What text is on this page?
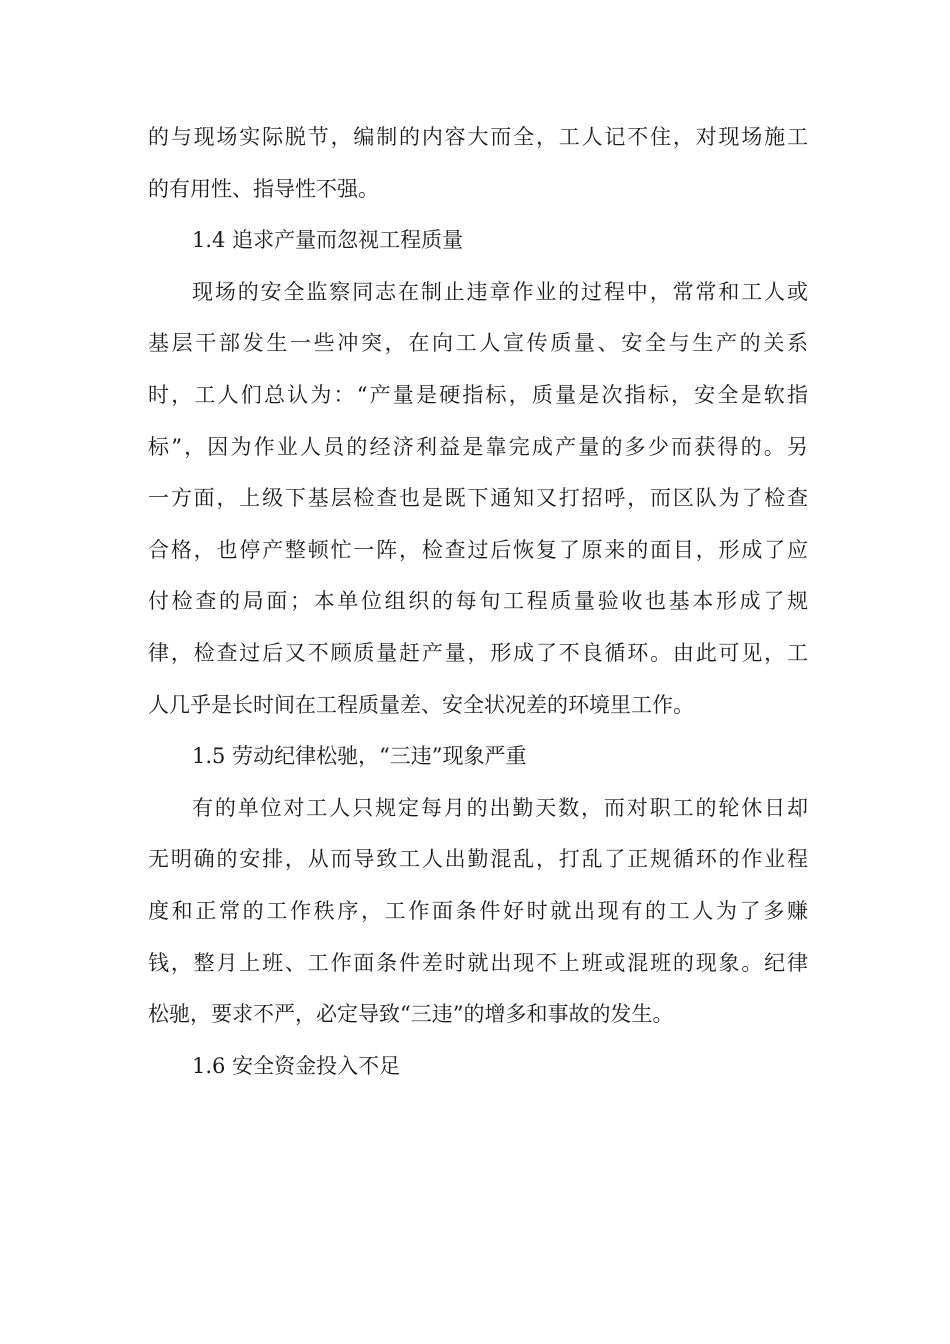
的与现场实际脱节，编制的内容大而全，工人记不住，对现场施工
的有用性、指导性不强。
1.4 追求产量而忽视工程质量
现场的安全监察同志在制止违章作业的过程中，常常和工人或
基层干部发生一些冲突，在向工人宣传质量、安全与生产的关系
时，工人们总认为：“产量是硬指标，质量是次指标，安全是软指
标”，因为作业人员的经济利益是靠完成产量的多少而获得的。另
一方面，上级下基层检查也是既下通知又打招呼，而区队为了检查
合格，也停产整顿忙一阵，检查过后恢复了原来的面目，形成了应
付检查的局面；本单位组织的每旬工程质量验收也基本形成了规
律，检查过后又不顾质量赶产量，形成了不良循环。由此可见，工
人几乎是长时间在工程质量差、安全状况差的环境里工作。
1.5 劳动纪律松驰，“三违”现象严重
有的单位对工人只规定每月的出勤天数，而对职工的轮休日却
无明确的安排，从而导致工人出勤混乱，打乱了正规循环的作业程
度和正常的工作秩序，工作面条件好时就出现有的工人为了多赚
钱，整月上班、工作面条件差时就出现不上班或混班的现象。纪律
松驰，要求不严，必定导致“三违”的增多和事故的发生。
1.6 安全资金投入不足
